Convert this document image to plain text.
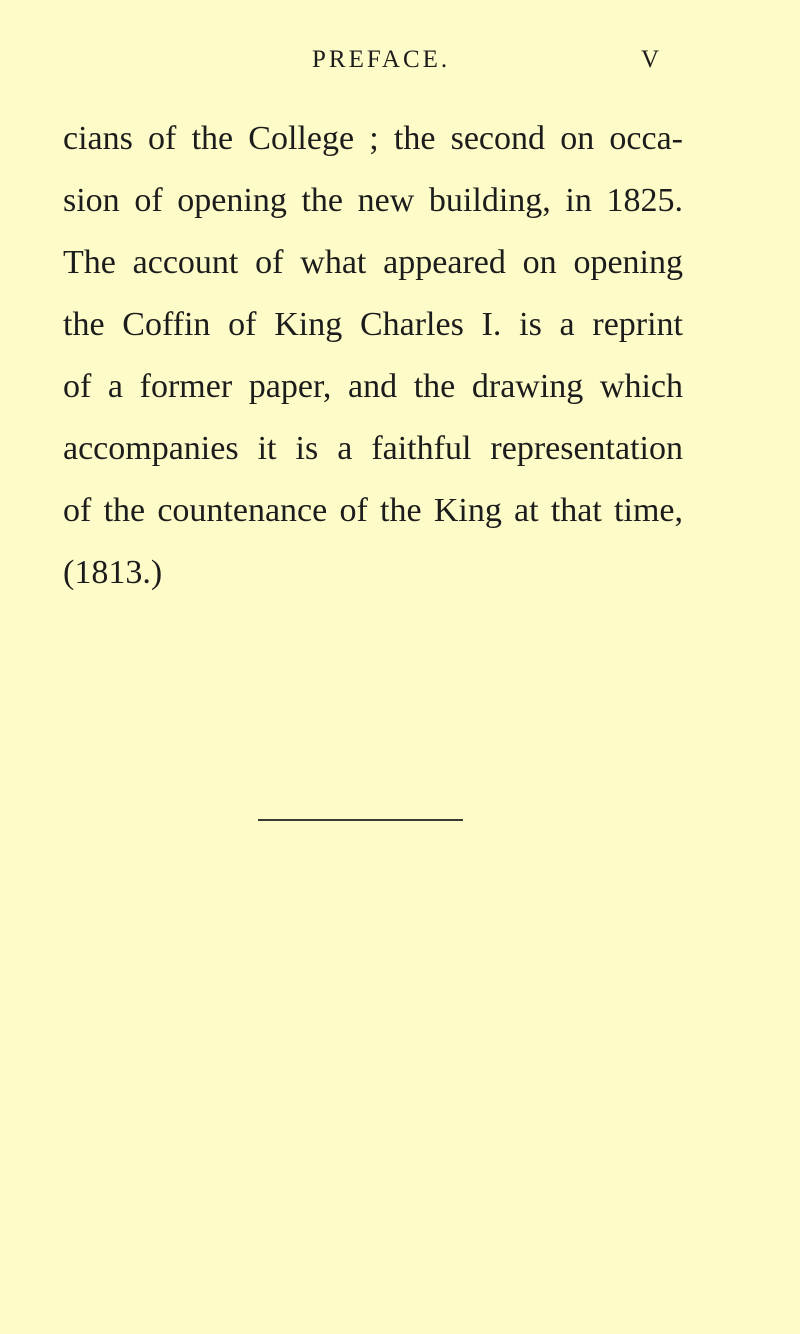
PREFACE.	V
cians of the College ; the second on occa-
sion of opening the new building, in 1825.
The account of what appeared on opening
the Coffin of King Charles I. is a reprint
of a former paper, and the drawing which
accompanies it is a faithful representation
of the countenance of the King at that time,
(1813.)
